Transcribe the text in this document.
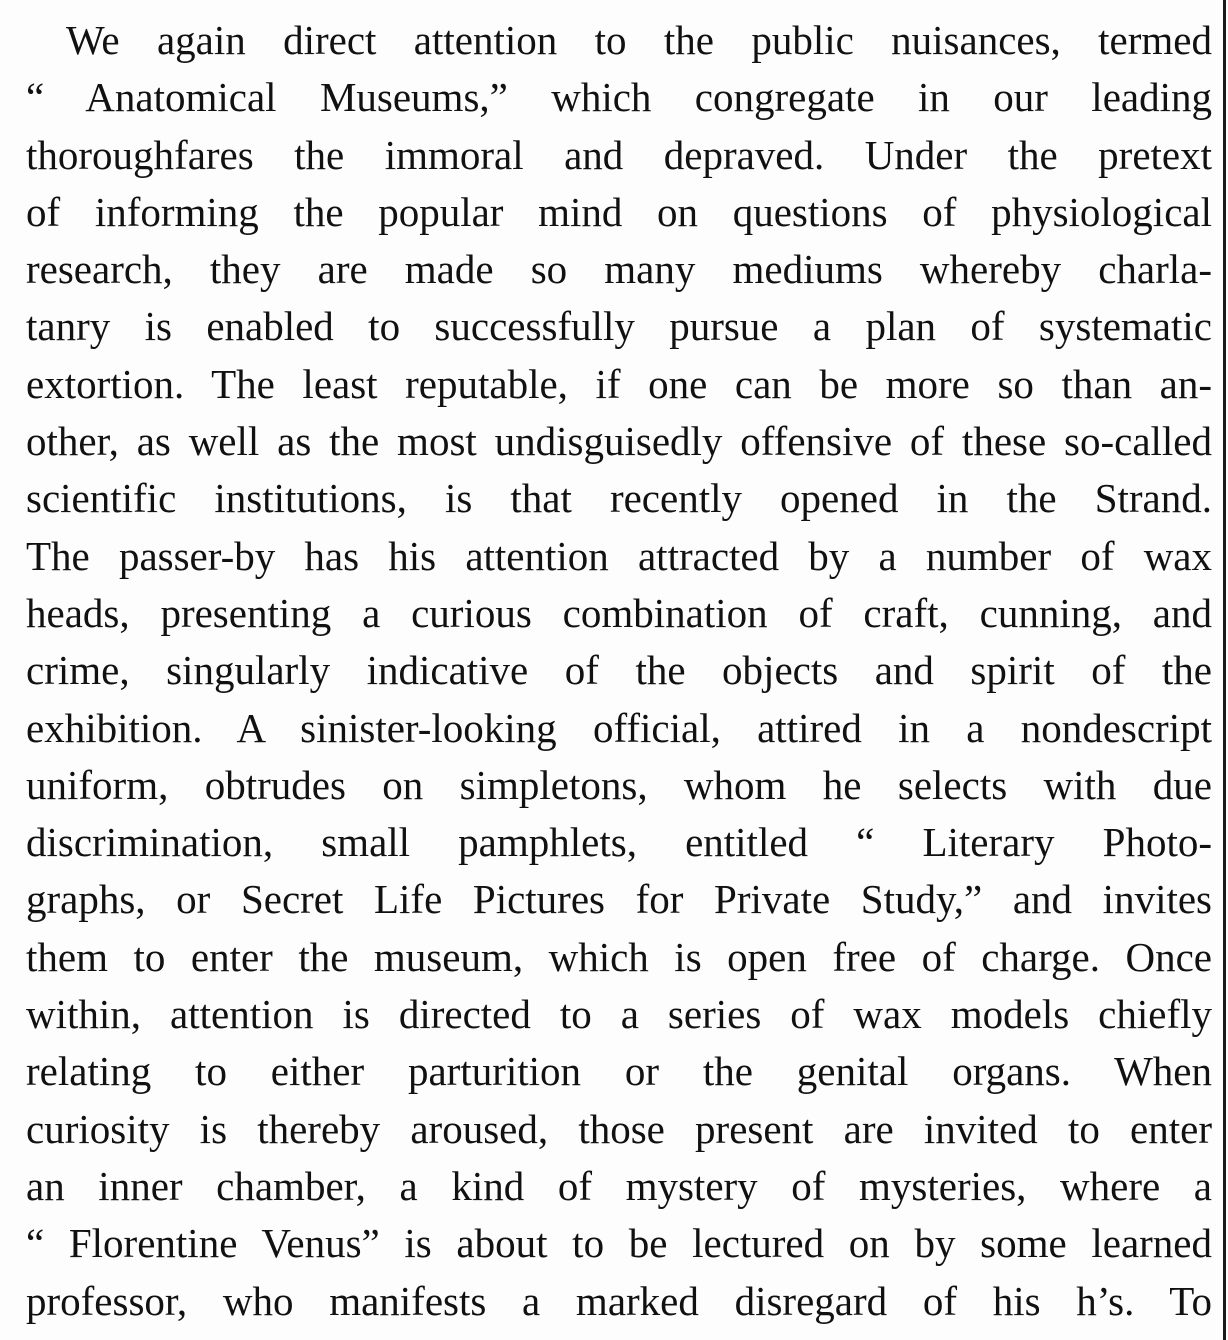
We again direct attention to the public nuisances, termed
“ Anatomical Museums,” which congregate in our leading
thoroughfares the immoral and depraved. Under the pretext
of informing the popular mind on questions of physiological
research, they are made so many mediums whereby charla-
tanry is enabled to successfully pursue a plan of systematic
extortion. The least reputable, if one can be more so than an-
other, as well as the most undisguisedly offensive of these so-called
scientific institutions, is that recently opened in the Strand.
The passer-by has his attention attracted by a number of wax
heads, presenting a curious combination of craft, cunning, and
crime, singularly indicative of the objects and spirit of the
exhibition. A sinister-looking official, attired in a nondescript
uniform, obtrudes on simpletons, whom he selects with due
discrimination, small pamphlets, entitled “ Literary Photo-
graphs, or Secret Life Pictures for Private Study,” and invites
them to enter the museum, which is open free of charge. Once
within, attention is directed to a series of wax models chiefly
relating to either parturition or the genital organs. When
curiosity is thereby aroused, those present are invited to enter
an inner chamber, a kind of mystery of mysteries, where a
“ Florentine Venus” is about to be lectured on by some learned
professor, who manifests a marked disregard of his h’s. To
